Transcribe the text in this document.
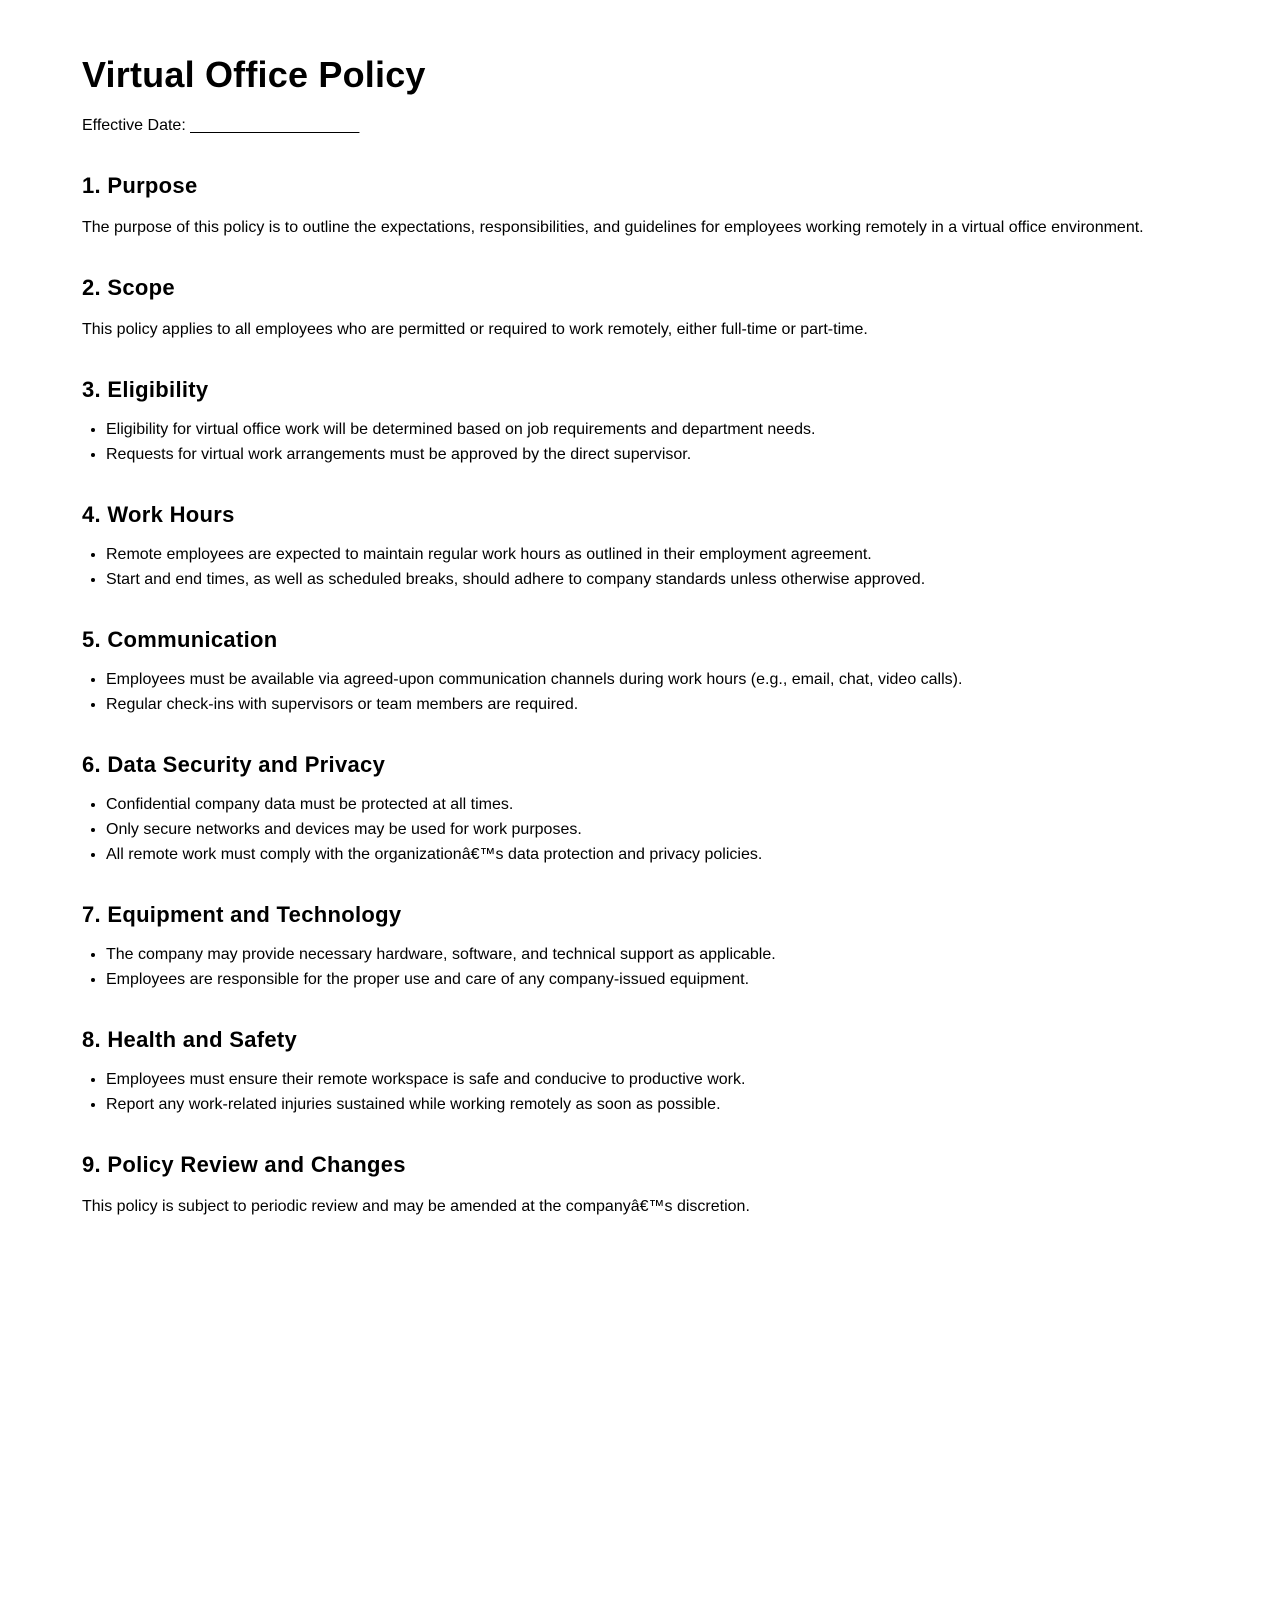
Virtual Office Policy

Effective Date: ___________________

1. Purpose

The purpose of this policy is to outline the expectations, responsibilities, and guidelines for employees working remotely in a virtual office environment.

2. Scope

This policy applies to all employees who are permitted or required to work remotely, either full-time or part-time.

3. Eligibility
• Eligibility for virtual office work will be determined based on job requirements and department needs.
• Requests for virtual work arrangements must be approved by the direct supervisor.
4. Work Hours
• Remote employees are expected to maintain regular work hours as outlined in their employment agreement.
• Start and end times, as well as scheduled breaks, should adhere to company standards unless otherwise approved.
5. Communication
• Employees must be available via agreed-upon communication channels during work hours (e.g., email, chat, video calls).
• Regular check-ins with supervisors or team members are required.
6. Data Security and Privacy
• Confidential company data must be protected at all times.
• Only secure networks and devices may be used for work purposes.
• All remote work must comply with the organizationâ€™s data protection and privacy policies.
7. Equipment and Technology
• The company may provide necessary hardware, software, and technical support as applicable.
• Employees are responsible for the proper use and care of any company-issued equipment.
8. Health and Safety
• Employees must ensure their remote workspace is safe and conducive to productive work.
• Report any work-related injuries sustained while working remotely as soon as possible.
9. Policy Review and Changes

This policy is subject to periodic review and may be amended at the companyâ€™s discretion.
